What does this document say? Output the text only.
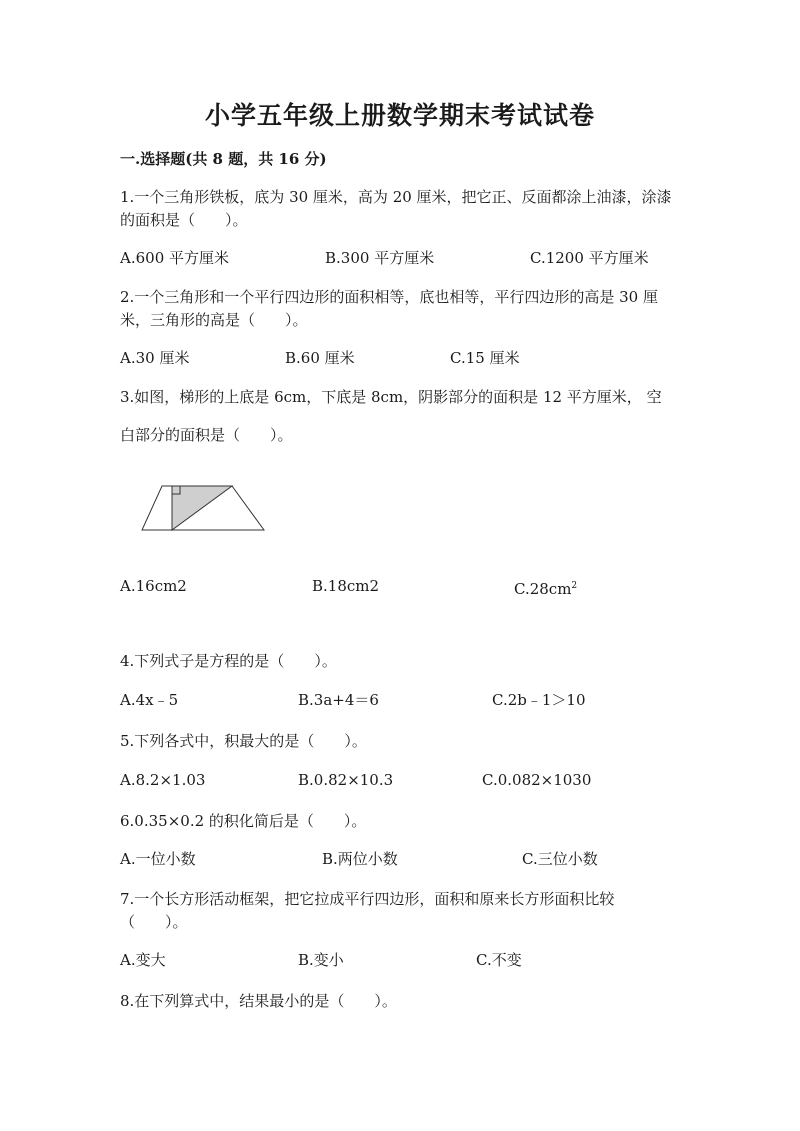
小学五年级上册数学期末考试试卷
一.选择题(共 8 题，共 16 分)
1.一个三角形铁板，底为 30 厘米，高为 20 厘米，把它正、反面都涂上油漆，涂漆的面积是（　　）。
A.600 平方厘米	B.300 平方厘米	C.1200 平方厘米
2.一个三角形和一个平行四边形的面积相等，底也相等，平行四边形的高是 30 厘米，三角形的高是（　　）。
A.30 厘米	B.60 厘米	C.15 厘米
3.如图，梯形的上底是 6cm，下底是 8cm，阴影部分的面积是 12 平方厘米， 空
白部分的面积是（　　）。
A.16cm2	B.18cm2	$C.28cm^2$
4.下列式子是方程的是（　　）。
A.4x﹣5	B.3a+4＝6	C.2b﹣1＞10
5.下列各式中，积最大的是（　　）。
A.8.2×1.03	B.0.82×10.3	C.0.082×1030
6.0.35×0.2 的积化简后是（　　）。
A.一位小数	B.两位小数	C.三位小数
7.一个长方形活动框架，把它拉成平行四边形，面积和原来长方形面积比较（　　）。
A.变大	B.变小	C.不变
8.在下列算式中，结果最小的是（　　）。
